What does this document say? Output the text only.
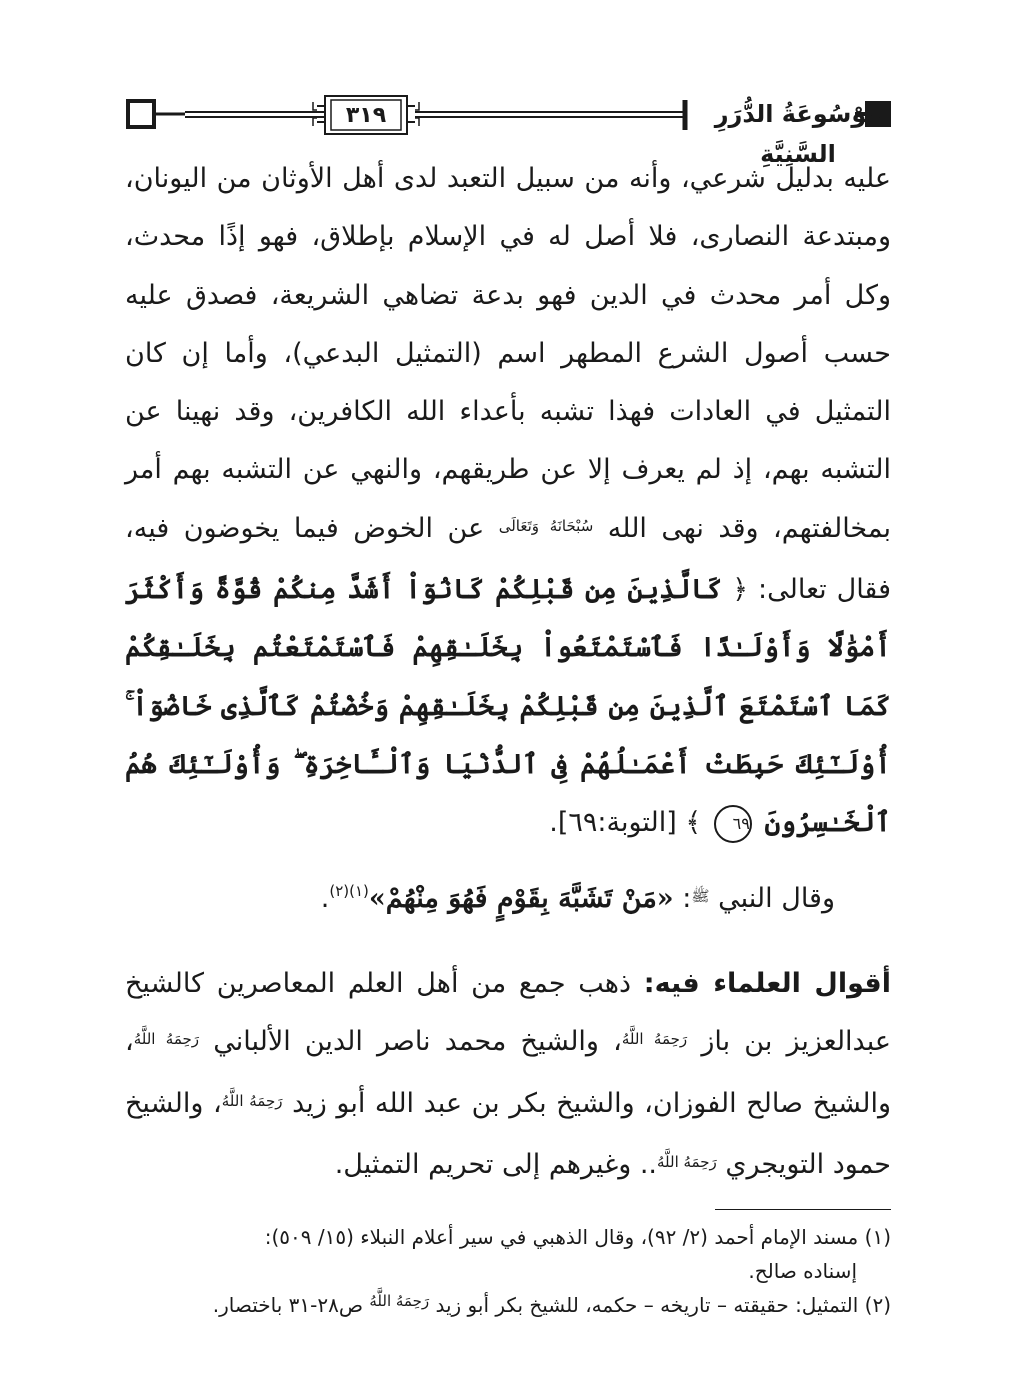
٣١٩	مَوْسُوعَةُ الدُّرَرِ السَّنِيَّةِ

عليه بدليل شرعي، وأنه من سبيل التعبد لدى أهل الأوثان من اليونان، ومبتدعة النصارى، فلا أصل له في الإسلام بإطلاق، فهو إذًا محدث، وكل أمر محدث في الدين فهو بدعة تضاهي الشريعة، فصدق عليه حسب أصول الشرع المطهر اسم (التمثيل البدعي)، وأما إن كان التمثيل في العادات فهذا تشبه بأعداء الله الكافرين، وقد نهينا عن التشبه بهم، إذ لم يعرف إلا عن طريقهم، والنهي عن التشبه بهم أمر بمخالفتهم، وقد نهى الله $^{سُبْحَانَهُ وَتَعَالَى}$ عن الخوض فيما يخوضون فيه، فقال تعالى: ﴿ كَالَّذِينَ مِن قَبْلِكُمْ كَانُوٓاْ أَشَدَّ مِنكُمْ قُوَّةً وَأَكْثَرَ أَمْوَٰلًا وَأَوْلَـٰدًا فَٱسْتَمْتَعُواْ بِخَلَـٰقِهِمْ فَٱسْتَمْتَعْتُم بِخَلَـٰقِكُمْ كَمَا ٱسْتَمْتَعَ ٱلَّذِينَ مِن قَبْلِكُمْ بِخَلَـٰقِهِمْ وَخُضْتُمْ كَٱلَّذِى خَاضُوٓاْ ۚ أُوْلَـٰٓئِكَ حَبِطَتْ أَعْمَـٰلُهُمْ فِى ٱلدُّنْيَا وَٱلْـَٔاخِرَةِ ۖ وَأُوْلَـٰٓئِكَ هُمُ ٱلْخَـٰسِرُونَ ٦٩ ﴾ [التوبة:٦٩].

وقال النبي $^ﷺ$: «مَنْ تَشَبَّهَ بِقَوْمٍ فَهُوَ مِنْهُمْ»$^{(١)(٢)}$.

أقوال العلماء فيه: ذهب جمع من أهل العلم المعاصرين كالشيخ عبدالعزيز بن باز $^{رَحِمَهُ اللَّهُ}$، والشيخ محمد ناصر الدين الألباني $^{رَحِمَهُ اللَّهُ}$، والشيخ صالح الفوزان، والشيخ بكر بن عبد الله أبو زيد $^{رَحِمَهُ اللَّهُ}$، والشيخ حمود التويجري $^{رَحِمَهُ اللَّهُ}$.. وغيرهم إلى تحريم التمثيل.

(١) مسند الإمام أحمد (٢/ ٩٢)، وقال الذهبي في سير أعلام النبلاء (١٥/ ٥٠٩):

إسناده صالح.

(٢) التمثيل: حقيقته – تاريخه – حكمه، للشيخ بكر أبو زيد $^{رَحِمَهُ اللَّهُ}$ ص٢٨-٣١ باختصار.
